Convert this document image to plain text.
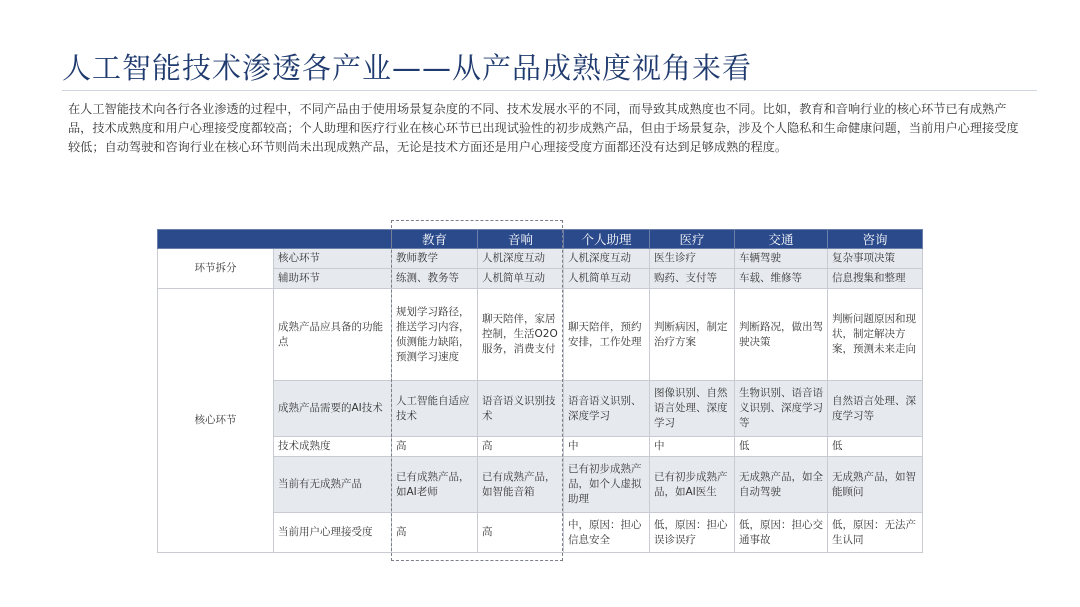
人工智能技术渗透各产业——从产品成熟度视角来看
在人工智能技术向各行各业渗透的过程中，不同产品由于使用场景复杂度的不同、技术发展水平的不同，而导致其成熟度也不同。比如，教育和音响行业的核心环节已有成熟产品，技术成熟度和用户心理接受度都较高；个人助理和医疗行业在核心环节已出现试验性的初步成熟产品，但由于场景复杂，涉及个人隐私和生命健康问题，当前用户心理接受度较低；自动驾驶和咨询行业在核心环节则尚未出现成熟产品，无论是技术方面还是用户心理接受度方面都还没有达到足够成熟的程度。
		教育	音响	个人助理	医疗	交通	咨询
环节拆分	核心环节	教师教学	人机深度互动	人机深度互动	医生诊疗	车辆驾驶	复杂事项决策
	辅助环节	练测、教务等	人机简单互动	人机简单互动	购药、支付等	车载、维修等	信息搜集和整理
核心环节	成熟产品应具备的功能点	规划学习路径，推送学习内容，侦测能力缺陷，预测学习速度	聊天陪伴，家居控制，生活O2O服务，消费支付	聊天陪伴，预约安排，工作处理	判断病因，制定治疗方案	判断路况，做出驾驶决策	判断问题原因和现状，制定解决方案，预测未来走向
	成熟产品需要的AI技术	人工智能自适应技术	语音语义识别技术	语音语义识别、深度学习	图像识别、自然语言处理、深度学习	生物识别、语音语义识别、深度学习等	自然语言处理、深度学习等
	技术成熟度	高	高	中	中	低	低
	当前有无成熟产品	已有成熟产品，如AI老师	已有成熟产品，如智能音箱	已有初步成熟产品，如个人虚拟助理	已有初步成熟产品，如AI医生	无成熟产品，如全自动驾驶	无成熟产品，如智能顾问
	当前用户心理接受度	高	高	中，原因：担心信息安全	低，原因：担心误诊误疗	低，原因：担心交通事故	低，原因：无法产生认同
